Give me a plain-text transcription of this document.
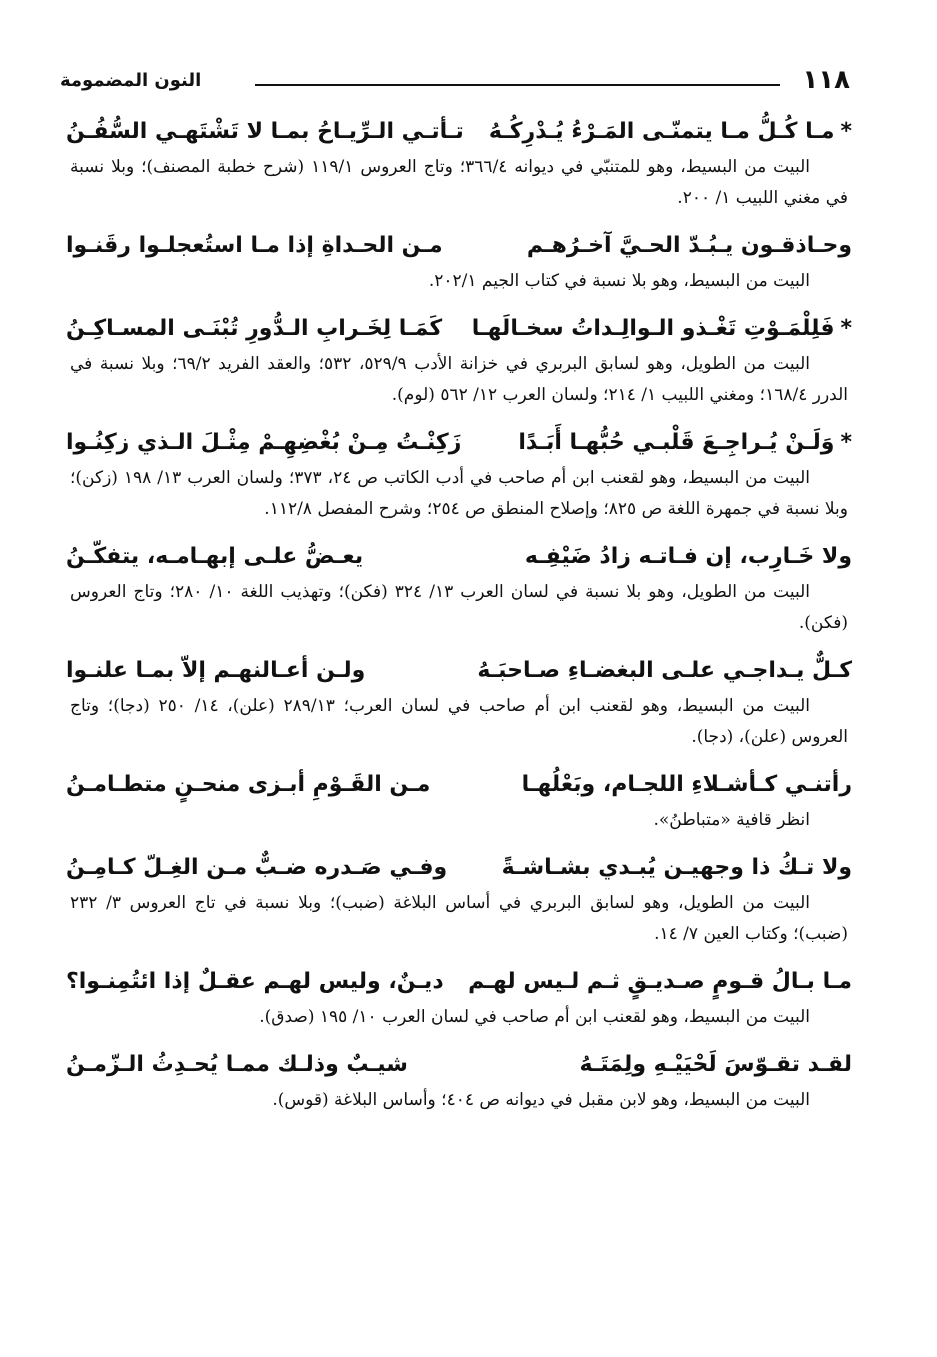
١١٨
النون المضمومة
*مـا كُـلُّ مـا يتمنّـى المَـرْءُ يُـدْرِكُـهُ
تـأتـي الـرِّيـاحُ بمـا لا تَشْتَهـي السُّفُـنُ

البيت من البسيط، وهو للمتنبّي في ديوانه ٣٦٦/٤؛ وتاج العروس ١١٩/١ (شرح خطبة المصنف)؛ وبلا نسبة في مغني اللبيب ١/ ٢٠٠.

وحـاذقـون يـبُـدّ الحـيَّ آخـرُهـم
مـن الحـداةِ إذا مـا استُعجلـوا رقَنـوا

البيت من البسيط، وهو بلا نسبة في كتاب الجيم ٢٠٢/١.

*فَلِلْمَـوْتِ تَغْـذو الـوالِـداتُ سخـالَهـا
كَمَـا لِخَـرابِ الـدُّورِ تُبْنَـى المسـاكِـنُ

البيت من الطويل، وهو لسابق البربري في خزانة الأدب ٥٢٩/٩، ٥٣٢؛ والعقد الفريد ٦٩/٢؛ وبلا نسبة في الدرر ١٦٨/٤؛ ومغني اللبيب ١/ ٢١٤؛ ولسان العرب ١٢/ ٥٦٢ (لوم).

*وَلَـنْ يُـراجِـعَ قَلْبـي حُبُّهـا أَبَـدًا
زَكِنْـتُ مِـنْ بُغْضِهِـمْ مِثْـلَ الـذي زكِنُـوا

البيت من البسيط، وهو لقعنب ابن أم صاحب في أدب الكاتب ص ٢٤، ٣٧٣؛ ولسان العرب ١٣/ ١٩٨ (زكن)؛ وبلا نسبة في جمهرة اللغة ص ٨٢٥؛ وإصلاح المنطق ص ٢٥٤؛ وشرح المفصل ١١٢/٨.

ولا خَـارِب، إن فـاتـه زادُ ضَيْفِـه
يعـضُّ علـى إبهـامـه، يتفكّـنُ

البيت من الطويل، وهو بلا نسبة في لسان العرب ١٣/ ٣٢٤ (فكن)؛ وتهذيب اللغة ١٠/ ٢٨٠؛ وتاج العروس (فكن).

كـلٌّ يـداجـي علـى البغضـاءِ صـاحبَـهُ
ولـن أعـالنهـم إلاّ بمـا علنـوا

البيت من البسيط، وهو لقعنب ابن أم صاحب في لسان العرب؛ ٢٨٩/١٣ (علن)، ١٤/ ٢٥٠ (دجا)؛ وتاج العروس (علن)، (دجا).

رأتنـي كـأشـلاءِ اللجـام، وبَعْلُهـا
مـن القَـوْمِ أبـزى منحـنٍ متطـامـنُ

انظر قافية «متباطنُ».

ولا تـكُ ذا وجهيـن يُبـدي بشـاشـةً
وفـي صَـدره ضـبٌّ مـن الغِـلّ كـامِـنُ

البيت من الطويل، وهو لسابق البربري في أساس البلاغة (ضبب)؛ وبلا نسبة في تاج العروس ٣/ ٢٣٢ (ضبب)؛ وكتاب العين ٧/ ١٤.

مـا بـالُ قـومٍ صـديـقٍ ثـم لـيس لهـم
ديـنٌ، وليس لهـم عقـلٌ إذا ائتُمِنـوا؟

البيت من البسيط، وهو لقعنب ابن أم صاحب في لسان العرب ١٠/ ١٩٥ (صدق).

لقـد تقـوّسَ لَحْيَيْـهِ ولِمَتَـهُ
شيـبٌ وذلـك ممـا يُحـدِثُ الـزّمـنُ

البيت من البسيط، وهو لابن مقبل في ديوانه ص ٤٠٤؛ وأساس البلاغة (قوس).
